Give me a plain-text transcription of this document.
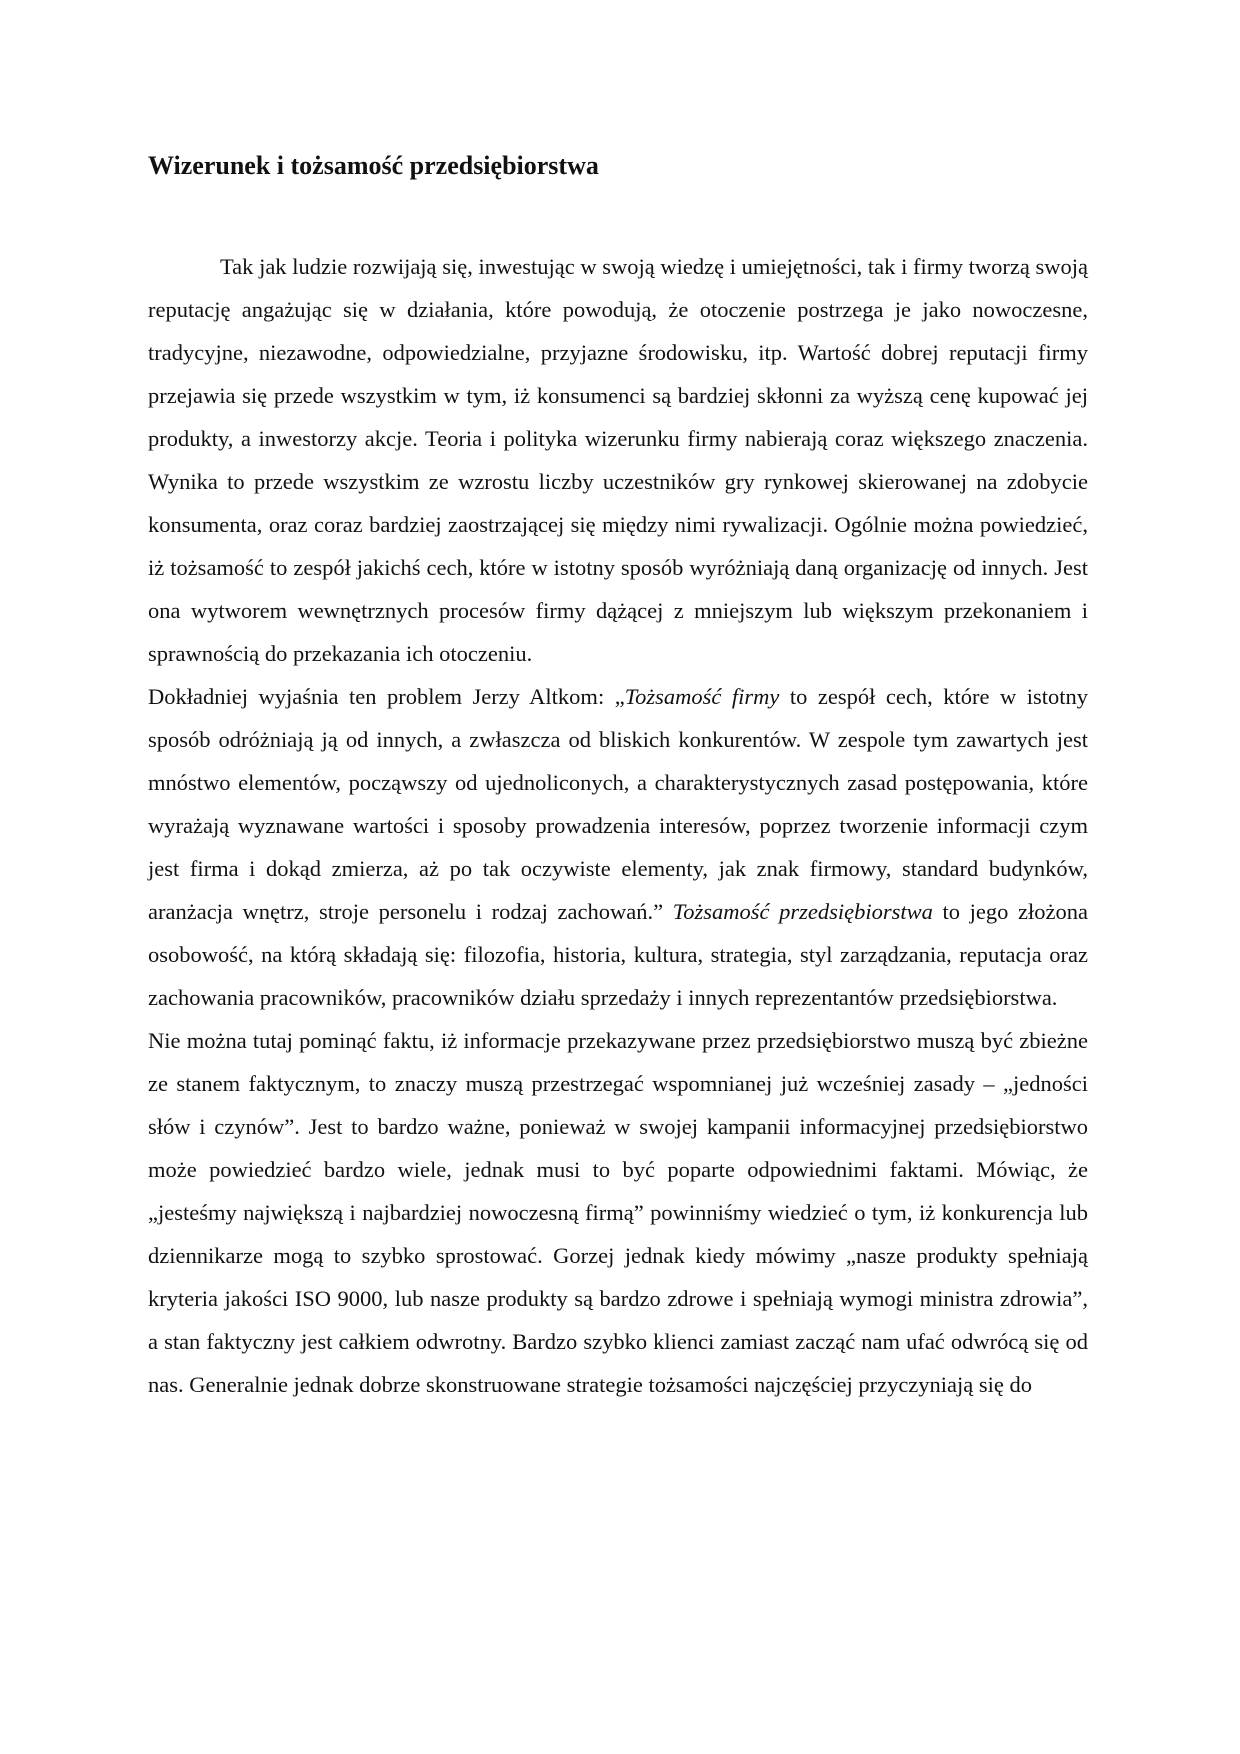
Wizerunek i tożsamość przedsiębiorstwa

Tak jak ludzie rozwijają się, inwestując w swoją wiedzę i umiejętności, tak i firmy tworzą swoją reputację angażując się w działania, które powodują, że otoczenie postrzega je jako nowoczesne, tradycyjne, niezawodne, odpowiedzialne, przyjazne środowisku, itp. Wartość dobrej reputacji firmy przejawia się przede wszystkim w tym, iż konsumenci są bardziej skłonni za wyższą cenę kupować jej produkty, a inwestorzy akcje. Teoria i polityka wizerunku firmy nabierają coraz większego znaczenia. Wynika to przede wszystkim ze wzrostu liczby uczestników gry rynkowej skierowanej na zdobycie konsumenta, oraz coraz bardziej zaostrzającej się między nimi rywalizacji. Ogólnie można powiedzieć, iż tożsamość to zespół jakichś cech, które w istotny sposób wyróżniają daną organizację od innych. Jest ona wytworem wewnętrznych procesów firmy dążącej z mniejszym lub większym przekonaniem i sprawnością do przekazania ich otoczeniu.

Dokładniej wyjaśnia ten problem Jerzy Altkom: „Tożsamość firmy to zespół cech, które w istotny sposób odróżniają ją od innych, a zwłaszcza od bliskich konkurentów. W zespole tym zawartych jest mnóstwo elementów, począwszy od ujednoliconych, a charakterystycznych zasad postępowania, które wyrażają wyznawane wartości i sposoby prowadzenia interesów, poprzez tworzenie informacji czym jest firma i dokąd zmierza, aż po tak oczywiste elementy, jak znak firmowy, standard budynków, aranżacja wnętrz, stroje personelu i rodzaj zachowań.” Tożsamość przedsiębiorstwa to jego złożona osobowość, na którą składają się: filozofia, historia, kultura, strategia, styl zarządzania, reputacja oraz zachowania pracowników, pracowników działu sprzedaży i innych reprezentantów przedsiębiorstwa.

Nie można tutaj pominąć faktu, iż informacje przekazywane przez przedsiębiorstwo muszą być zbieżne ze stanem faktycznym, to znaczy muszą przestrzegać wspomnianej już wcześniej zasady – „jedności słów i czynów”. Jest to bardzo ważne, ponieważ w swojej kampanii informacyjnej przedsiębiorstwo może powiedzieć bardzo wiele, jednak musi to być poparte odpowiednimi faktami. Mówiąc, że „jesteśmy największą i najbardziej nowoczesną firmą” powinniśmy wiedzieć o tym, iż konkurencja lub dziennikarze mogą to szybko sprostować. Gorzej jednak kiedy mówimy „nasze produkty spełniają kryteria jakości ISO 9000, lub nasze produkty są bardzo zdrowe i spełniają wymogi ministra zdrowia”, a stan faktyczny jest całkiem odwrotny. Bardzo szybko klienci zamiast zacząć nam ufać odwrócą się od nas. Generalnie jednak dobrze skonstruowane strategie tożsamości najczęściej przyczyniają się do
